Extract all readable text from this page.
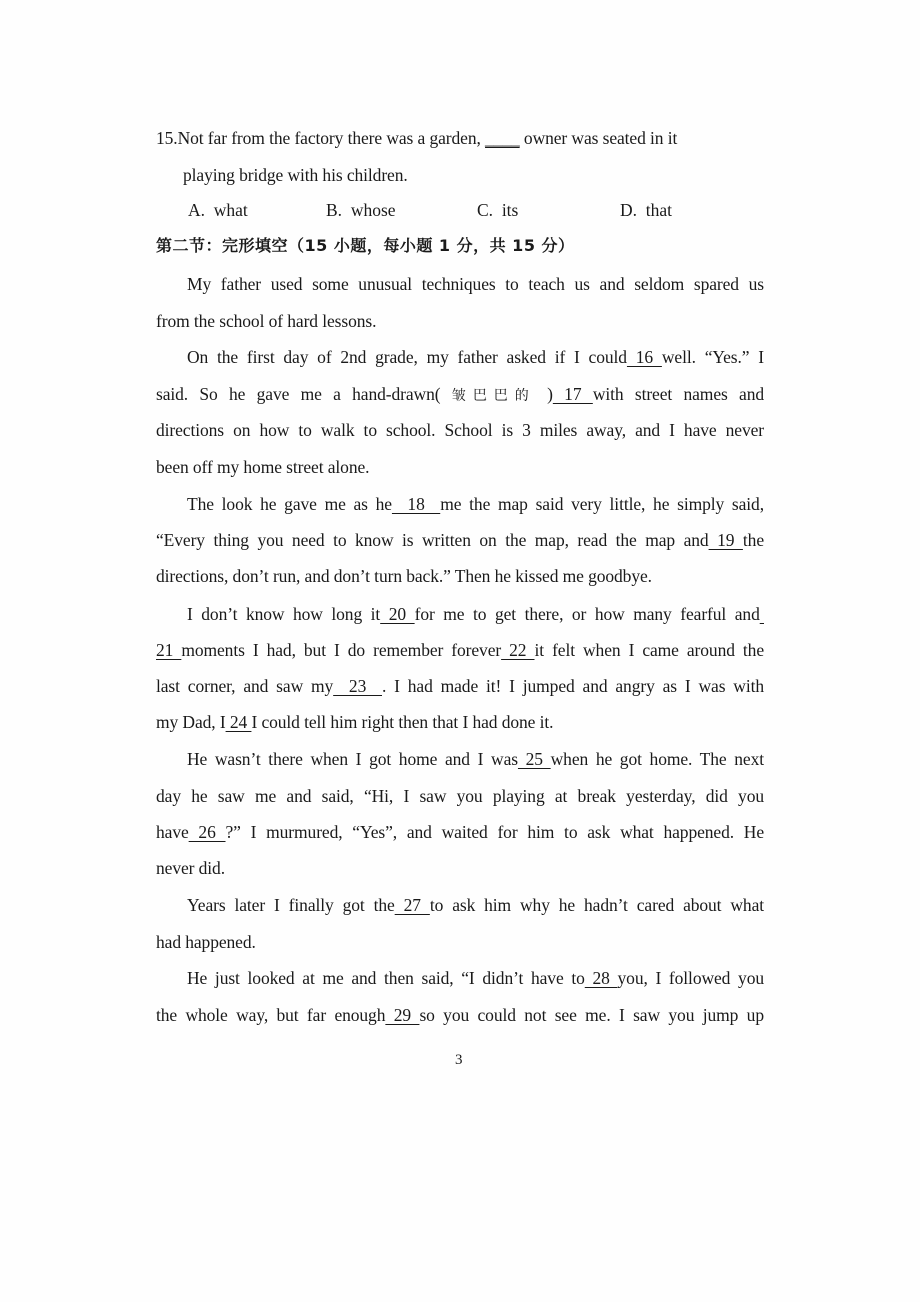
15.Not far from the factory there was a garden, ____ owner was seated in it
playing bridge with his children.
A. what	B. whose	C. its	D. that
第二节：完形填空（15 小题，每小题 1 分，共 15 分）
My father used some unusual techniques to teach us and seldom spared us
from the school of hard lessons.
On the first day of 2nd grade, my father asked if I could 16 well. “Yes.” I
said. So he gave me a hand-drawn( 皱巴巴的 ) 17 with street names and
directions on how to walk to school. School is 3 miles away, and I have never
been off my home street alone.
The look he gave me as he  18  me the map said very little, he simply said,
“Every thing you need to know is written on the map, read the map and 19 the
directions, don’t run, and don’t turn back.” Then he kissed me goodbye.
I don’t know how long it 20 for me to get there, or how many fearful and
21 moments I had, but I do remember forever 22 it felt when I came around the
last corner, and saw my  23  . I had made it! I jumped and angry as I was with
my Dad, I 24 I could tell him right then that I had done it.
He wasn’t there when I got home and I was 25 when he got home. The next
day he saw me and said, “Hi, I saw you playing at break yesterday, did you
have 26 ?” I murmured, “Yes”, and waited for him to ask what happened. He
never did.
Years later I finally got the 27 to ask him why he hadn’t cared about what
had happened.
He just looked at me and then said, “I didn’t have to 28 you, I followed you
the whole way, but far enough 29 so you could not see me. I saw you jump up
3
